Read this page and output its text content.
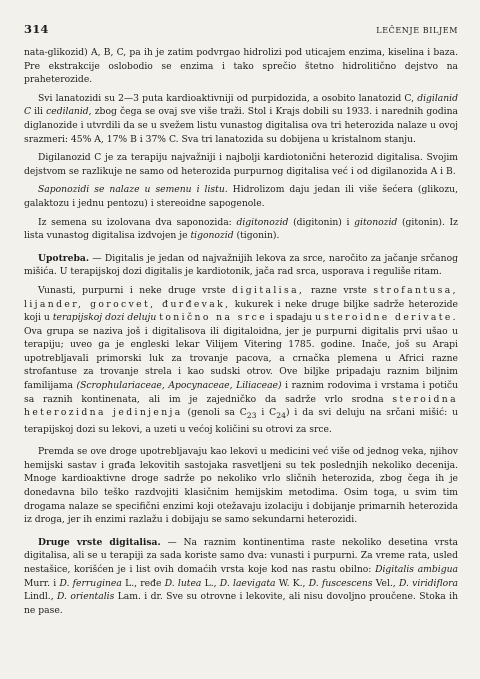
314	LEČENJE BILJEM

nata-glikozid) A, B, C, pa ih je zatim podvrgao hidrolizi pod uticajem enzima, kiselina i baza. Pre ekstrakcije oslobodio se enzima i tako sprečio štetno hidrolitično dejstvo na praheterozide.

Svi lanatozidi su 2—3 puta kardioaktivniji od purpidozida, a osobito lanatozid C, digilanid C ili cedilanid, zbog čega se ovaj sve više traži. Stol i Krajs dobili su 1933. i narednih godina diglanozide i utvrdili da se u svežem listu vunastog digitalisa ova tri heterozida nalaze u ovoj srazmeri: 45% A, 17% B i 37% C. Sva tri lanatozida su dobijena u kristalnom stanju.

Digilanozid C je za terapiju najvažniji i najbolji kardiotonični heterozid digitalisa. Svojim dejstvom se razlikuje ne samo od heterozida purpurnog digitalisa već i od digilanozida A i B.

Saponozidi se nalaze u semenu i listu. Hidrolizom daju jedan ili više šećera (glikozu, galaktozu i jednu pentozu) i stereoidne sapogenole.

Iz semena su izolovana dva saponozida: digitonozid (digitonin) i gitonozid (gitonin). Iz lista vunastog digitalisa izdvojen je tigonozid (tigonin).

Upotreba. — Digitalis je jedan od najvažnijih lekova za srce, naročito za jačanje srčanog mišića. U terapijskoj dozi digitalis je kardiotonik, jača rad srca, usporava i reguliše ritam.

Vunasti, purpurni i neke druge vrste digitalisa, razne vrste strofantusa, lijander, gorocvet, đurđevak, kukurek i neke druge biljke sadrže heterozide koji u terapijskoj dozi deluju tonično na srce i spadaju u steroidne derivate. Ova grupa se naziva još i digitalisova ili digitaloidna, jer je purpurni digitalis prvi ušao u terapiju; uveo ga je engleski lekar Vilijem Vitering 1785. godine. Inače, još su Arapi upotrebljavali primorski luk za trovanje pacova, a crnačka plemena u Africi razne strofantuse za trovanje strela i kao sudski otrov. Ove biljke pripadaju raznim biljnim familijama (Scrophulariaceae, Apocynaceae, Liliaceae) i raznim rodovima i vrstama i potiču sa raznih kontinenata, ali im je zajedničko da sadrže vrlo srodna steroidna heterozidna jedinjenja (genoli sa $C_{23}$ i $C_{24}$) i da svi deluju na srčani mišić: u terapijskoj dozi su lekovi, a uzeti u većoj količini su otrovi za srce.

Premda se ove droge upotrebljavaju kao lekovi u medicini već više od jednog veka, njihov hemijski sastav i građa lekovitih sastojaka rasvetljeni su tek poslednjih nekoliko decenija. Mnoge kardioaktivne droge sadrže po nekoliko vrlo sličnih heterozida, zbog čega ih je donedavna bilo teško razdvojiti klasičnim hemijskim metodima. Osim toga, u svim tim drogama nalaze se specifični enzimi koji otežavaju izolaciju i dobijanje primarnih heterozida iz droga, jer ih enzimi razlažu i dobijaju se samo sekundarni heterozidi.

Druge vrste digitalisa. — Na raznim kontinentima raste nekoliko desetina vrsta digitalisa, ali se u terapiji za sada koriste samo dva: vunasti i purpurni. Za vreme rata, usled nestašice, korišćen je i list ovih domaćih vrsta koje kod nas rastu obilno: Digitalis ambigua Murr. i D. ferruginea L., ređe D. lutea L., D. laevigata W. K., D. fuscescens Vel., D. viridiflora Lindl., D. orientalis Lam. i dr. Sve su otrovne i lekovite, ali nisu dovoljno proučene. Stoka ih ne pase.
